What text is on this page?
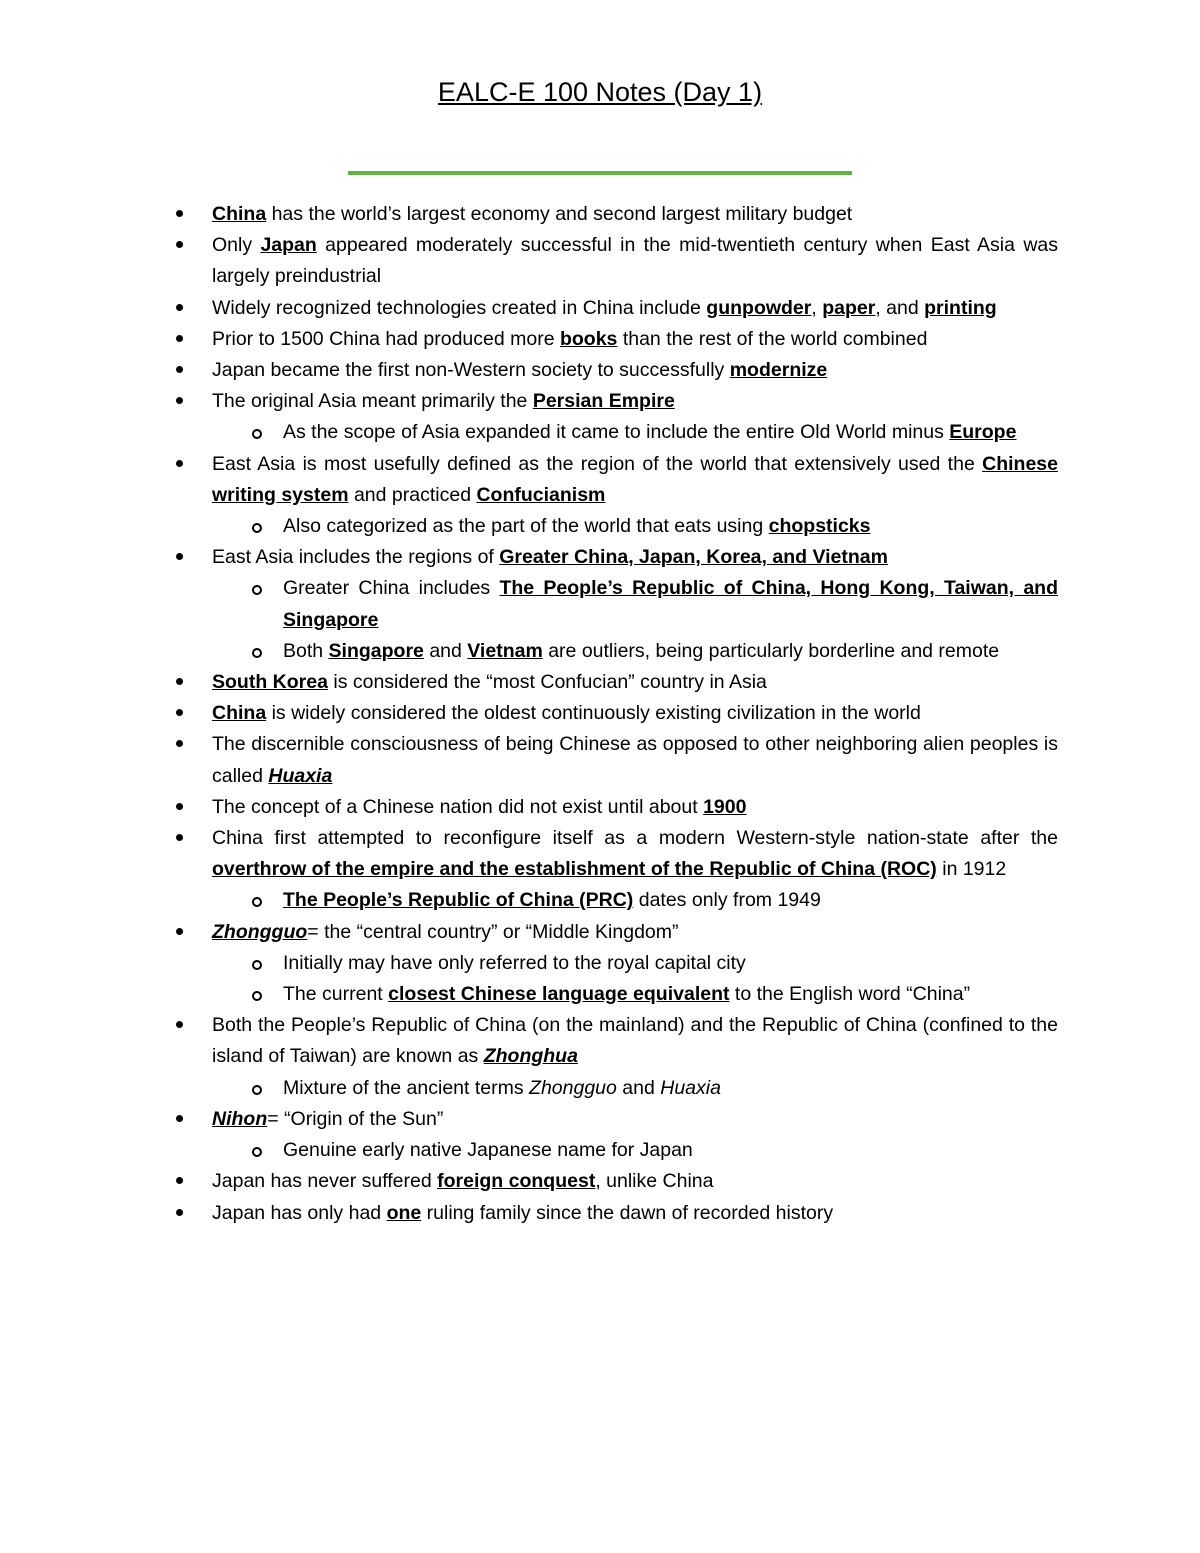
EALC-E 100 Notes (Day 1)
China has the world’s largest economy and second largest military budget
Only Japan appeared moderately successful in the mid-twentieth century when East Asia was largely preindustrial
Widely recognized technologies created in China include gunpowder, paper, and printing
Prior to 1500 China had produced more books than the rest of the world combined
Japan became the first non-Western society to successfully modernize
The original Asia meant primarily the Persian Empire
As the scope of Asia expanded it came to include the entire Old World minus Europe
East Asia is most usefully defined as the region of the world that extensively used the Chinese writing system and practiced Confucianism
Also categorized as the part of the world that eats using chopsticks
East Asia includes the regions of Greater China, Japan, Korea, and Vietnam
Greater China includes The People’s Republic of China, Hong Kong, Taiwan, and Singapore
Both Singapore and Vietnam are outliers, being particularly borderline and remote
South Korea is considered the “most Confucian” country in Asia
China is widely considered the oldest continuously existing civilization in the world
The discernible consciousness of being Chinese as opposed to other neighboring alien peoples is called Huaxia
The concept of a Chinese nation did not exist until about 1900
China first attempted to reconfigure itself as a modern Western-style nation-state after the overthrow of the empire and the establishment of the Republic of China (ROC) in 1912
The People’s Republic of China (PRC) dates only from 1949
Zhongguo= the “central country” or “Middle Kingdom”
Initially may have only referred to the royal capital city
The current closest Chinese language equivalent to the English word “China”
Both the People’s Republic of China (on the mainland) and the Republic of China (confined to the island of Taiwan) are known as Zhonghua
Mixture of the ancient terms Zhongguo and Huaxia
Nihon= “Origin of the Sun”
Genuine early native Japanese name for Japan
Japan has never suffered foreign conquest, unlike China
Japan has only had one ruling family since the dawn of recorded history
